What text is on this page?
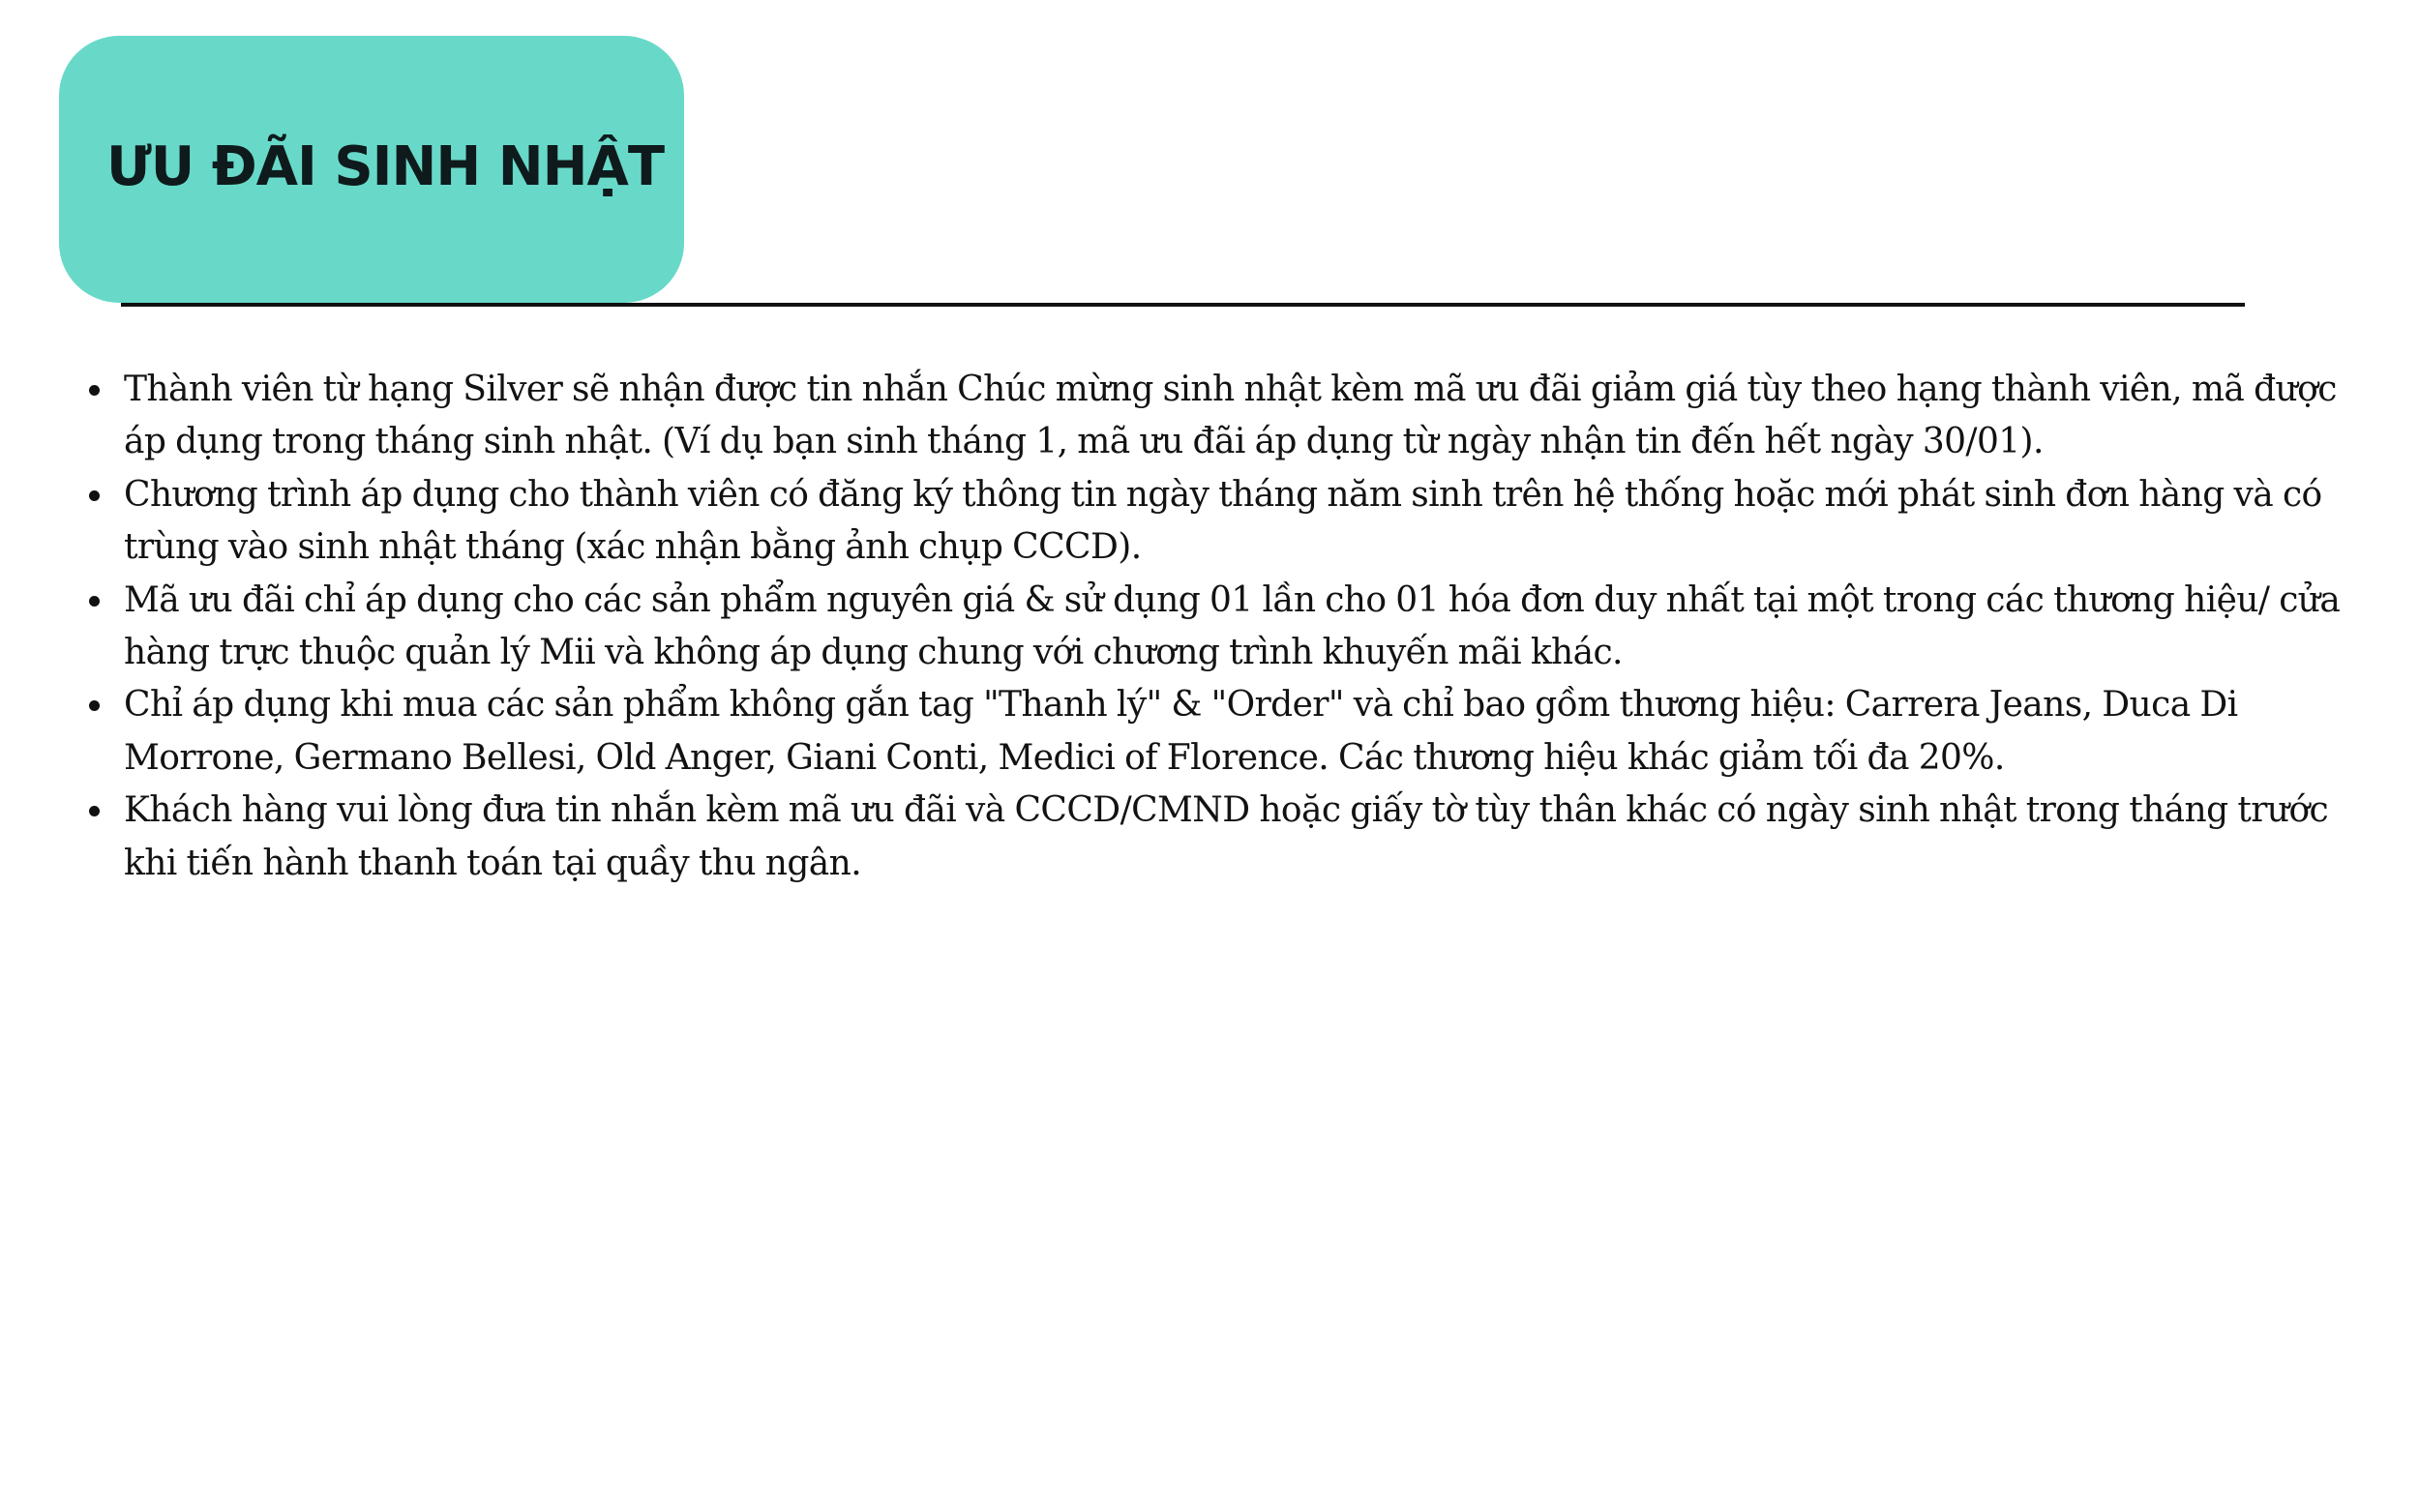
ƯU ĐÃI SINH NHẬT
Thành viên từ hạng Silver sẽ nhận được tin nhắn Chúc mừng sinh nhật kèm mã ưu đãi giảm giá tùy theo hạng thành viên, mã được áp dụng trong tháng sinh nhật. (Ví dụ bạn sinh tháng 1, mã ưu đãi áp dụng từ ngày nhận tin đến hết ngày 30/01).
Chương trình áp dụng cho thành viên có đăng ký thông tin ngày tháng năm sinh trên hệ thống hoặc mới phát sinh đơn hàng và có trùng vào sinh nhật tháng (xác nhận bằng ảnh chụp CCCD).
Mã ưu đãi chỉ áp dụng cho các sản phẩm nguyên giá & sử dụng 01 lần cho 01 hóa đơn duy nhất tại một trong các thương hiệu/ cửa hàng trực thuộc quản lý Mii và không áp dụng chung với chương trình khuyến mãi khác.
Chỉ áp dụng khi mua các sản phẩm không gắn tag "Thanh lý" & "Order" và chỉ bao gồm thương hiệu: Carrera Jeans, Duca Di Morrone, Germano Bellesi, Old Anger, Giani Conti, Medici of Florence. Các thương hiệu khác giảm tối đa 20%.
Khách hàng vui lòng đưa tin nhắn kèm mã ưu đãi và CCCD/CMND hoặc giấy tờ tùy thân khác có ngày sinh nhật trong tháng trước khi tiến hành thanh toán tại quầy thu ngân.
